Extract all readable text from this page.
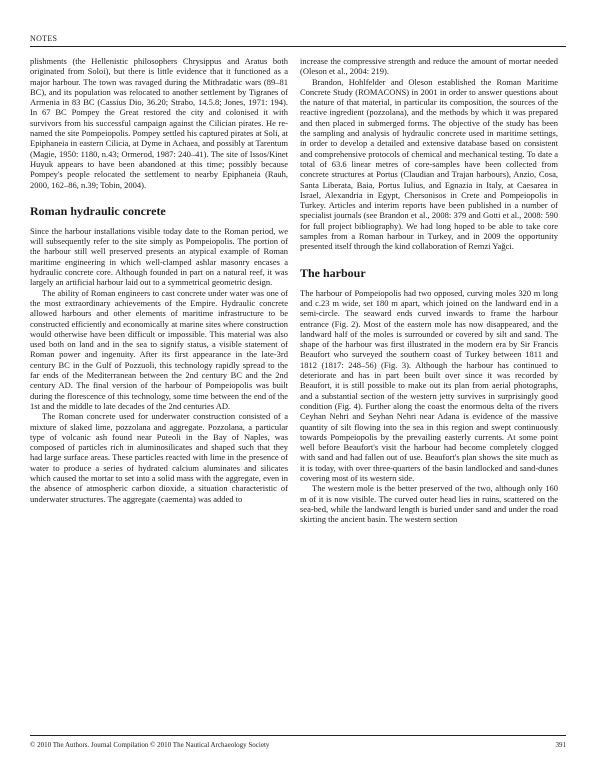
NOTES

plishments (the Hellenistic philosophers Chrysippus and Aratus both originated from Soloi), but there is little evidence that it functioned as a major harbour. The town was ravaged during the Mithradatic wars (89–81 BC), and its population was relocated to another settlement by Tigranes of Armenia in 83 BC (Cassius Dio, 36.20; Strabo, 14.5.8; Jones, 1971: 194). In 67 BC Pompey the Great restored the city and colonised it with survivors from his successful campaign against the Cilician pirates. He re-named the site Pompeiopolis. Pompey settled his captured pirates at Soli, at Epiphaneia in eastern Cilicia, at Dyme in Achaea, and possibly at Tarentum (Magie, 1950: 1180, n.43; Ormerod, 1987: 240–41). The site of Issos/Kinet Huyuk appears to have been abandoned at this time; possibly because Pompey's people relocated the settlement to nearby Epiphaneia (Rauh, 2000, 162–86, n.39; Tobin, 2004).

Roman hydraulic concrete

Since the harbour installations visible today date to the Roman period, we will subsequently refer to the site simply as Pompeiopolis. The portion of the harbour still well preserved presents an atypical example of Roman maritime engineering in which well-clamped ashlar masonry encases a hydraulic concrete core. Although founded in part on a natural reef, it was largely an artificial harbour laid out to a symmetrical geometric design.

The ability of Roman engineers to cast concrete under water was one of the most extraordinary achievements of the Empire. Hydraulic concrete allowed harbours and other elements of maritime infrastructure to be constructed efficiently and economically at marine sites where construction would otherwise have been difficult or impossible. This material was also used both on land and in the sea to signify status, a visible statement of Roman power and ingenuity. After its first appearance in the late-3rd century BC in the Gulf of Pozzuoli, this technology rapidly spread to the far ends of the Mediterranean between the 2nd century BC and the 2nd century AD. The final version of the harbour of Pompeiopolis was built during the florescence of this technology, some time between the end of the 1st and the middle to late decades of the 2nd centuries AD.

The Roman concrete used for underwater construction consisted of a mixture of slaked lime, pozzolana and aggregate. Pozzolana, a particular type of volcanic ash found near Puteoli in the Bay of Naples, was composed of particles rich in aluminosilicates and shaped such that they had large surface areas. These particles reacted with lime in the presence of water to produce a series of hydrated calcium aluminates and silicates which caused the mortar to set into a solid mass with the aggregate, even in the absence of atmospheric carbon dioxide, a situation characteristic of underwater structures. The aggregate (caementa) was added to

increase the compressive strength and reduce the amount of mortar needed (Oleson et al., 2004: 219).

Brandon, Hohlfelder and Oleson established the Roman Maritime Concrete Study (ROMACONS) in 2001 in order to answer questions about the nature of that material, in particular its composition, the sources of the reactive ingredient (pozzolana), and the methods by which it was prepared and then placed in submerged forms. The objective of the study has been the sampling and analysis of hydraulic concrete used in maritime settings, in order to develop a detailed and extensive database based on consistent and comprehensive protocols of chemical and mechanical testing. To date a total of 63.6 linear metres of core-samples have been collected from concrete structures at Portus (Claudian and Trajan harbours), Anzio, Cosa, Santa Liberata, Baia, Portus Iulius, and Egnazia in Italy, at Caesarea in Israel, Alexandria in Egypt, Chersonisos in Crete and Pompeiopolis in Turkey. Articles and interim reports have been published in a number of specialist journals (see Brandon et al., 2008: 379 and Gotti et al., 2008: 590 for full project bibliography). We had long hoped to be able to take core samples from a Roman harbour in Turkey, and in 2009 the opportunity presented itself through the kind collaboration of Remzi Yağci.

The harbour

The harbour of Pompeiopolis had two opposed, curving moles 320 m long and c.23 m wide, set 180 m apart, which joined on the landward end in a semi-circle. The seaward ends curved inwards to frame the harbour entrance (Fig. 2). Most of the eastern mole has now disappeared, and the landward half of the moles is surrounded or covered by silt and sand. The shape of the harbour was first illustrated in the modern era by Sir Francis Beaufort who surveyed the southern coast of Turkey between 1811 and 1812 (1817: 248–56) (Fig. 3). Although the harbour has continued to deteriorate and has in part been built over since it was recorded by Beaufort, it is still possible to make out its plan from aerial photographs, and a substantial section of the western jetty survives in surprisingly good condition (Fig. 4). Further along the coast the enormous delta of the rivers Ceyhan Nehri and Seyhan Nehri near Adana is evidence of the massive quantity of silt flowing into the sea in this region and swept continuously towards Pompeiopolis by the prevailing easterly currents. At some point well before Beaufort's visit the harbour had become completely clogged with sand and had fallen out of use. Beaufort's plan shows the site much as it is today, with over three-quarters of the basin landlocked and sand-dunes covering most of its western side.

The western mole is the better preserved of the two, although only 160 m of it is now visible. The curved outer head lies in ruins, scattered on the sea-bed, while the landward length is buried under sand and under the road skirting the ancient basin. The western section

© 2010 The Authors. Journal Compilation © 2010 The Nautical Archaeology Society	391
